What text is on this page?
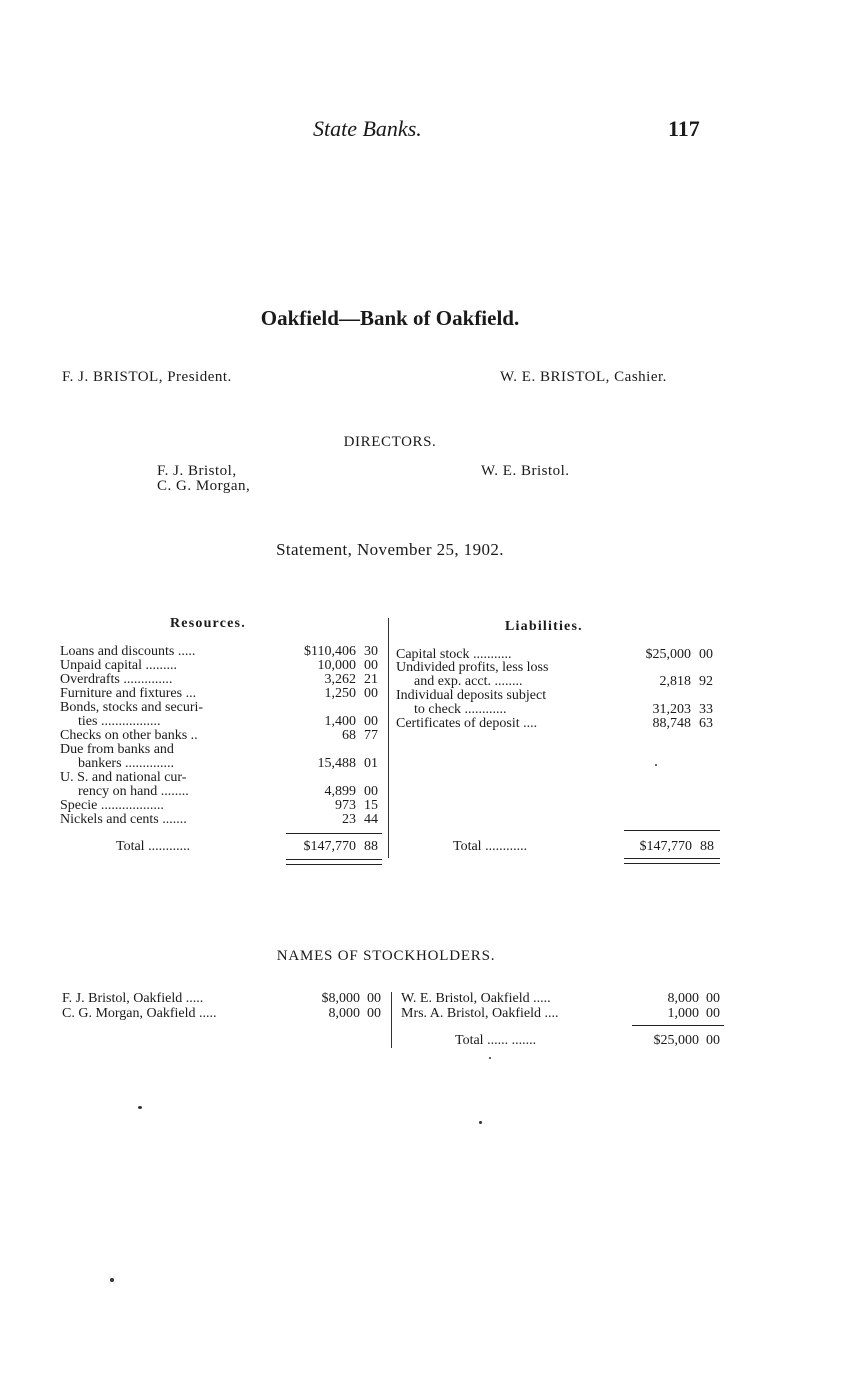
State Banks.	117
Oakfield—Bank of Oakfield.
F. J. BRISTOL, President.	W. E. BRISTOL, Cashier.
DIRECTORS.
F. J. Bristol,
C. G. Morgan,
W. E. Bristol.
Statement, November 25, 1902.
Resources.	Liabilities.
Loans and discounts .....	$110,406 30
Unpaid capital .........	10,000 00
Overdrafts ..............	3,262 21
Furniture and fixtures ...	1,250 00
Bonds, stocks and securi-
ties .................	1,400 00
Checks on other banks ..	68 77
Due from banks and
bankers ..............	15,488 01
U. S. and national cur-
rency on hand ........	4,899 00
Specie ..................	973 15
Nickels and cents .......	23 44
Total ............	$147,770 88
Capital stock ...........	$25,000 00
Undivided profits, less loss
and exp. acct. ........	2,818 92
Individual deposits subject
to check ............	31,203 33
Certificates of deposit ....	88,748 63
Total ............	$147,770 88
NAMES OF STOCKHOLDERS.
F. J. Bristol, Oakfield .....	$8,000 00
C. G. Morgan, Oakfield .....	8,000 00
W. E. Bristol, Oakfield .....	8,000 00
Mrs. A. Bristol, Oakfield ....	1,000 00
Total ...... .......	$25,000 00
